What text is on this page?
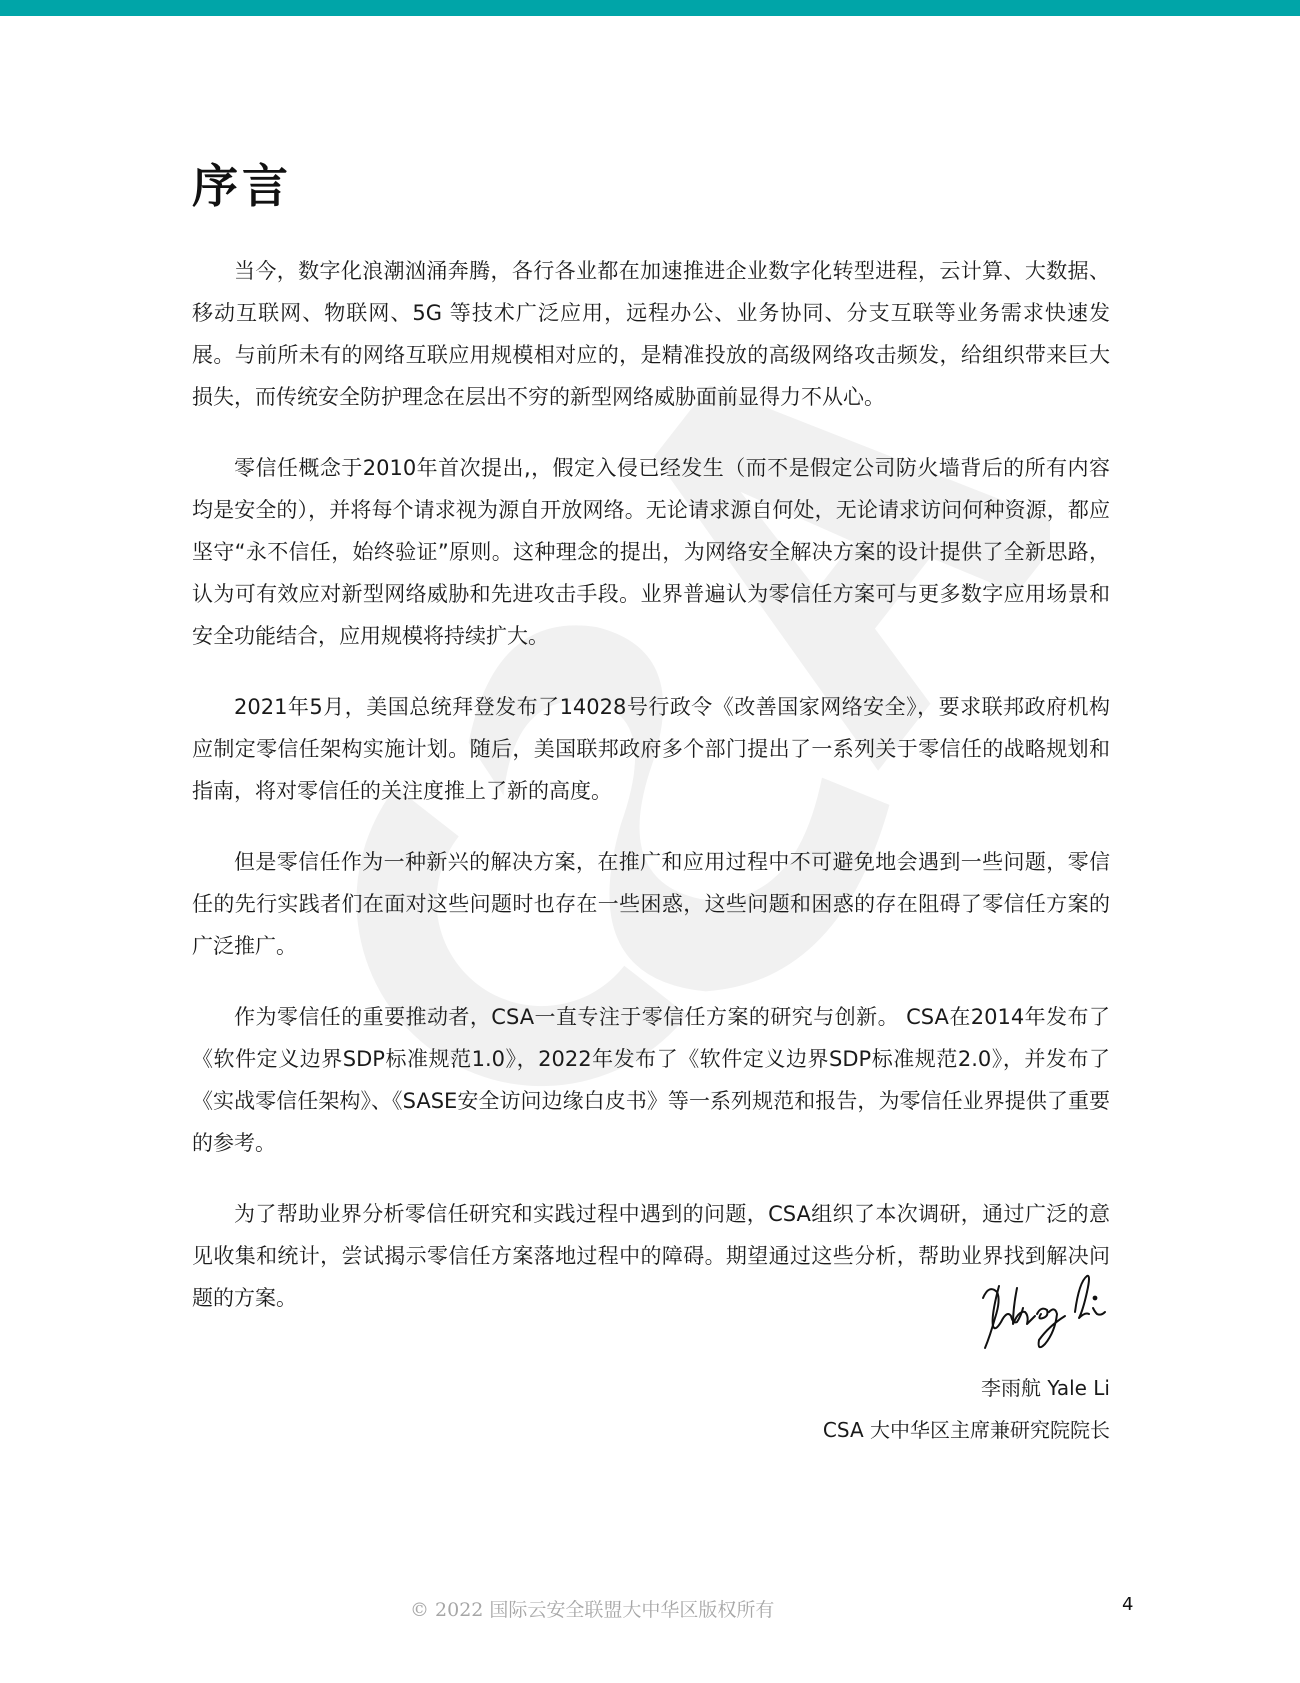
序言

当今，数字化浪潮汹涌奔腾，各行各业都在加速推进企业数字化转型进程，云计算、大数据、移动互联网、物联网、5G 等技术广泛应用，远程办公、业务协同、分支互联等业务需求快速发展。与前所未有的网络互联应用规模相对应的，是精准投放的高级网络攻击频发，给组织带来巨大损失，而传统安全防护理念在层出不穷的新型网络威胁面前显得力不从心。

零信任概念于2010年首次提出,，假定入侵已经发生（而不是假定公司防火墙背后的所有内容均是安全的），并将每个请求视为源自开放网络。无论请求源自何处，无论请求访问何种资源，都应坚守“永不信任，始终验证”原则。这种理念的提出，为网络安全解决方案的设计提供了全新思路，认为可有效应对新型网络威胁和先进攻击手段。业界普遍认为零信任方案可与更多数字应用场景和安全功能结合，应用规模将持续扩大。

2021年5月，美国总统拜登发布了14028号行政令《改善国家网络安全》，要求联邦政府机构应制定零信任架构实施计划。随后，美国联邦政府多个部门提出了一系列关于零信任的战略规划和指南，将对零信任的关注度推上了新的高度。

但是零信任作为一种新兴的解决方案，在推广和应用过程中不可避免地会遇到一些问题，零信任的先行实践者们在面对这些问题时也存在一些困惑，这些问题和困惑的存在阻碍了零信任方案的广泛推广。

作为零信任的重要推动者，CSA一直专注于零信任方案的研究与创新。 CSA在2014年发布了《软件定义边界SDP标准规范1.0》，2022年发布了《软件定义边界SDP标准规范2.0》，并发布了《实战零信任架构》、《SASE安全访问边缘白皮书》等一系列规范和报告，为零信任业界提供了重要的参考。

为了帮助业界分析零信任研究和实践过程中遇到的问题，CSA组织了本次调研，通过广泛的意见收集和统计，尝试揭示零信任方案落地过程中的障碍。期望通过这些分析，帮助业界找到解决问题的方案。

李雨航 Yale Li
CSA 大中华区主席兼研究院院长
© 2022 国际云安全联盟大中华区版权所有	4
